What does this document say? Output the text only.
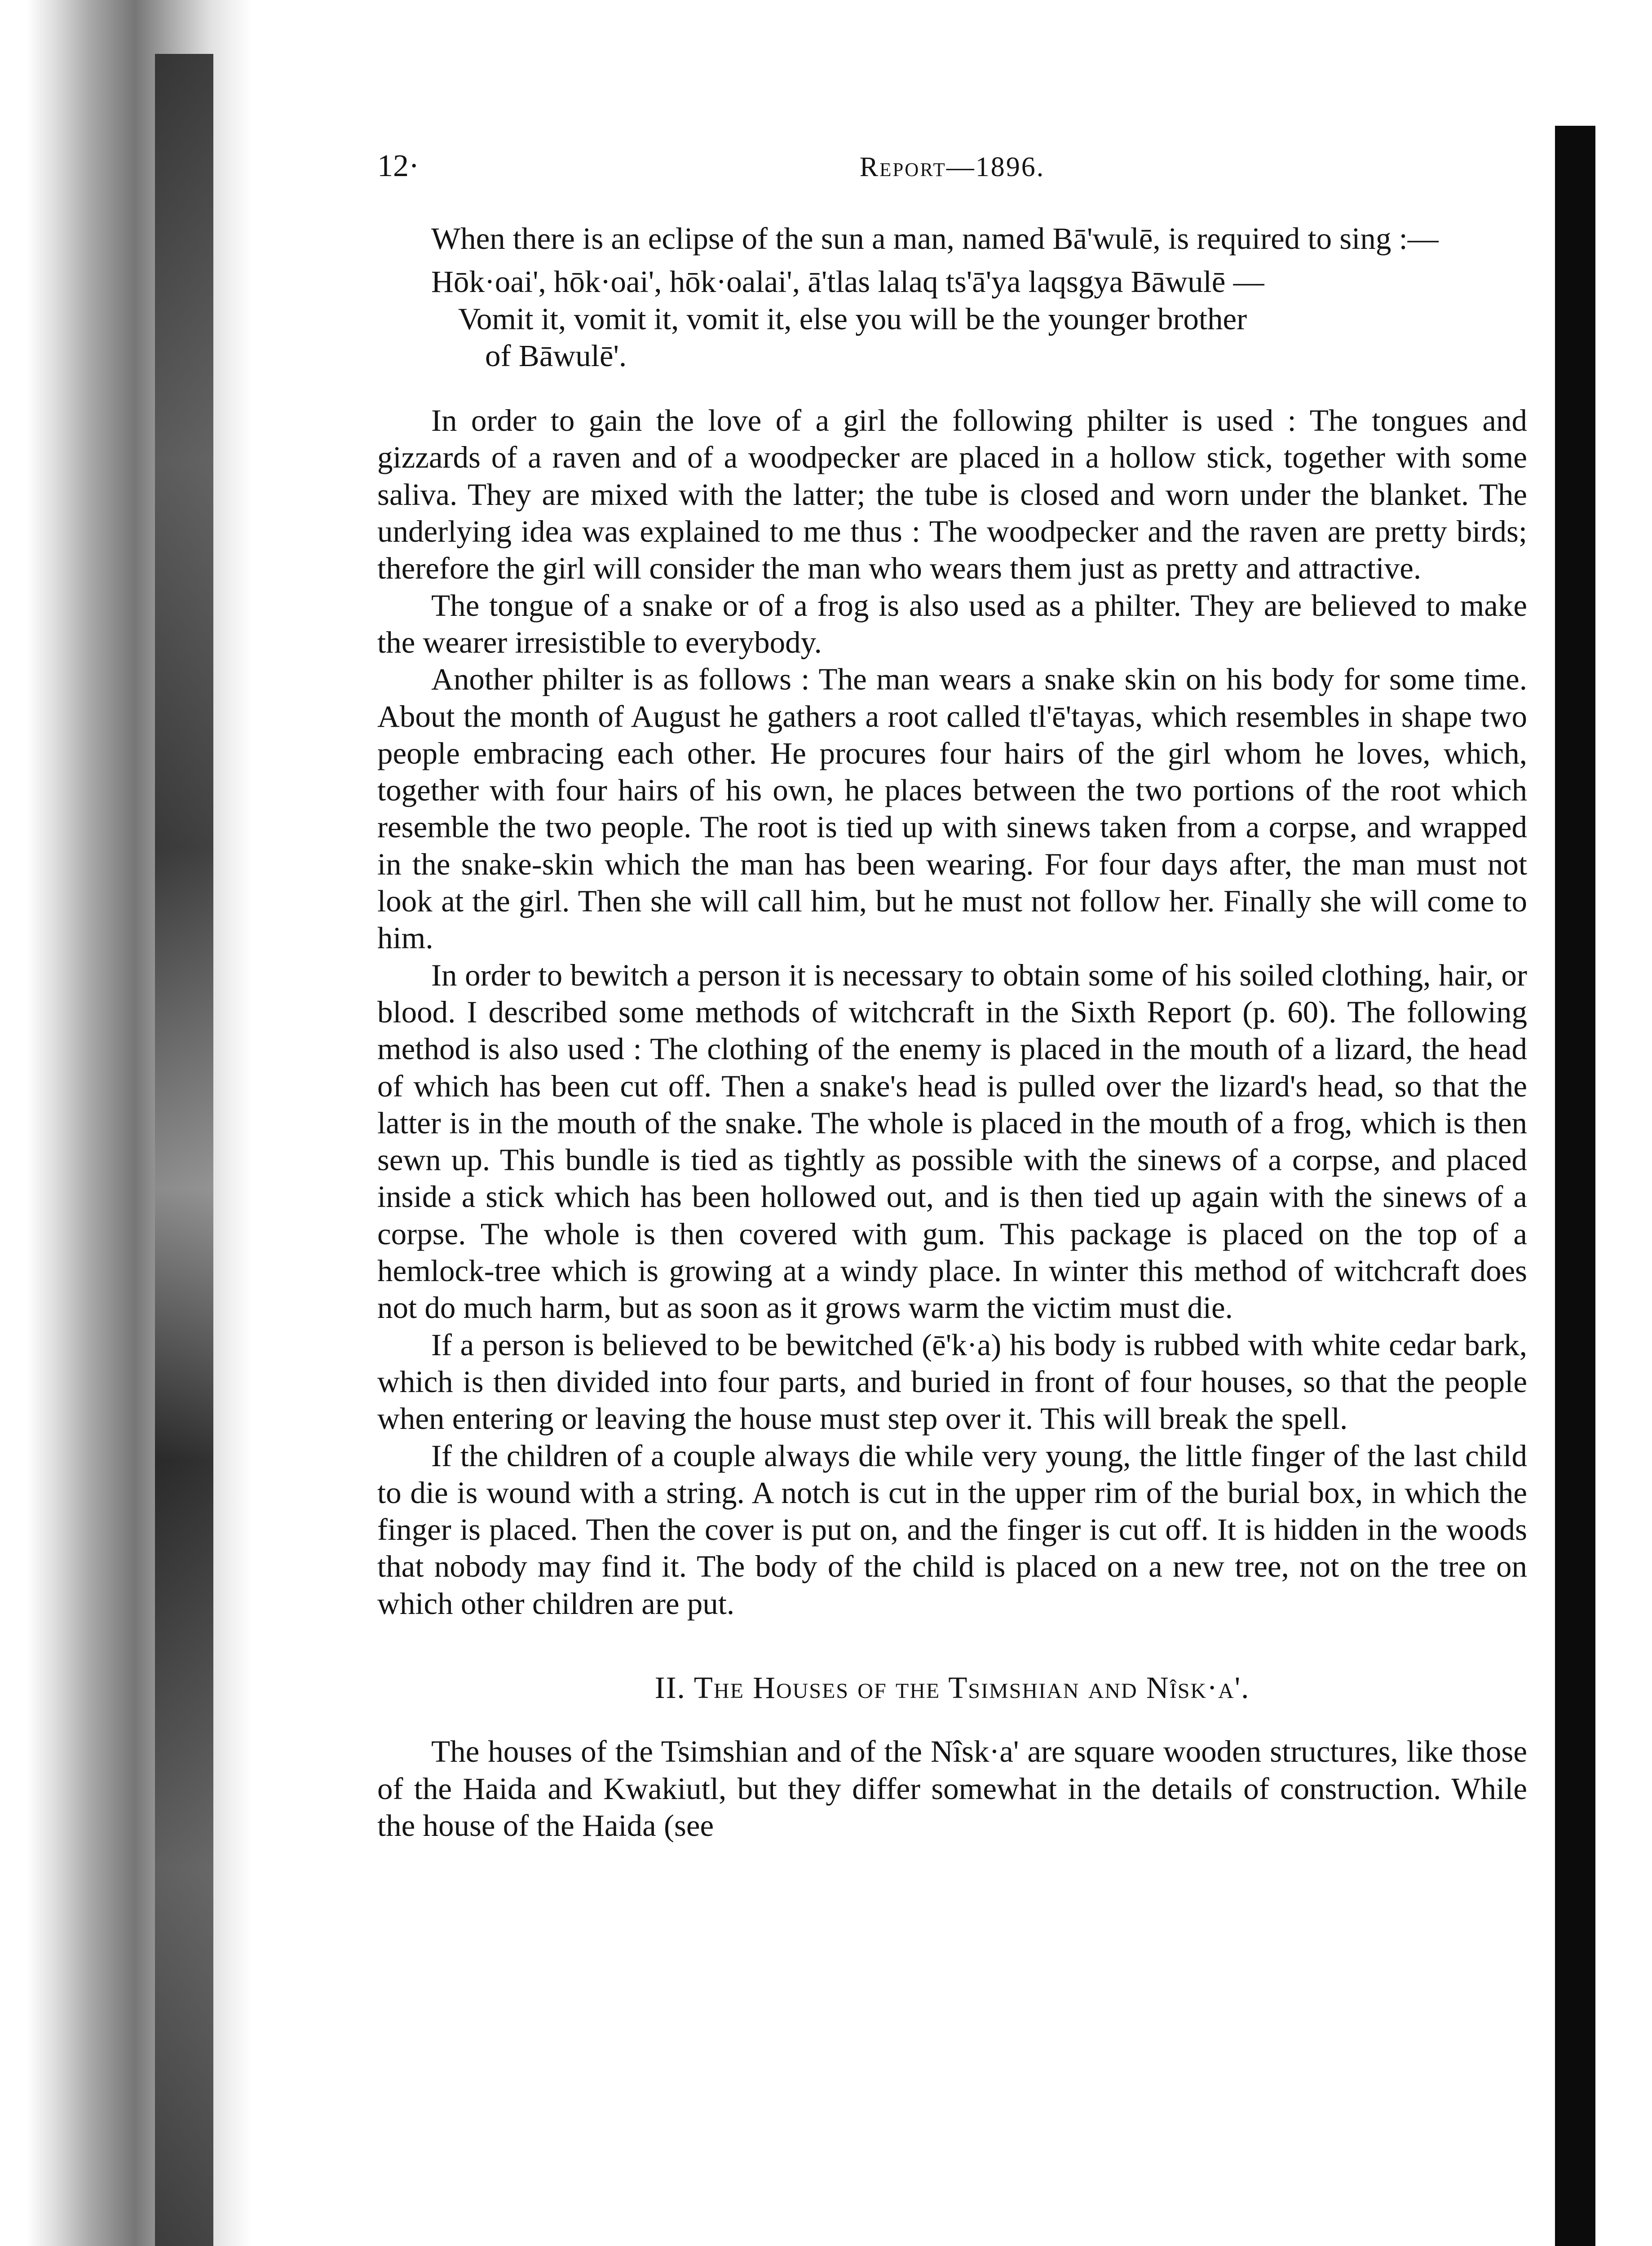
12·	Report—1896.

When there is an eclipse of the sun a man, named Bā'wulē, is required to sing :—

Hōk·oai', hōk·oai', hōk·oalai', ā'tlas lalaq ts'ā'ya laqsgya Bāwulē —
Vomit it, vomit it, vomit it, else you will be the younger brother
of Bāwulē'.

In order to gain the love of a girl the following philter is used : The tongues and gizzards of a raven and of a woodpecker are placed in a hollow stick, together with some saliva. They are mixed with the latter; the tube is closed and worn under the blanket. The underlying idea was explained to me thus : The woodpecker and the raven are pretty birds; therefore the girl will consider the man who wears them just as pretty and attractive.

The tongue of a snake or of a frog is also used as a philter. They are believed to make the wearer irresistible to everybody.

Another philter is as follows : The man wears a snake skin on his body for some time. About the month of August he gathers a root called tl'ē'tayas, which resembles in shape two people embracing each other. He procures four hairs of the girl whom he loves, which, together with four hairs of his own, he places between the two portions of the root which resemble the two people. The root is tied up with sinews taken from a corpse, and wrapped in the snake-skin which the man has been wearing. For four days after, the man must not look at the girl. Then she will call him, but he must not follow her. Finally she will come to him.

In order to bewitch a person it is necessary to obtain some of his soiled clothing, hair, or blood. I described some methods of witchcraft in the Sixth Report (p. 60). The following method is also used : The clothing of the enemy is placed in the mouth of a lizard, the head of which has been cut off. Then a snake's head is pulled over the lizard's head, so that the latter is in the mouth of the snake. The whole is placed in the mouth of a frog, which is then sewn up. This bundle is tied as tightly as possible with the sinews of a corpse, and placed inside a stick which has been hollowed out, and is then tied up again with the sinews of a corpse. The whole is then covered with gum. This package is placed on the top of a hemlock-tree which is growing at a windy place. In winter this method of witchcraft does not do much harm, but as soon as it grows warm the victim must die.

If a person is believed to be bewitched (ē'k·a) his body is rubbed with white cedar bark, which is then divided into four parts, and buried in front of four houses, so that the people when entering or leaving the house must step over it. This will break the spell.

If the children of a couple always die while very young, the little finger of the last child to die is wound with a string. A notch is cut in the upper rim of the burial box, in which the finger is placed. Then the cover is put on, and the finger is cut off. It is hidden in the woods that nobody may find it. The body of the child is placed on a new tree, not on the tree on which other children are put.

II. The Houses of the Tsimshian and Nîsk·a'.

The houses of the Tsimshian and of the Nîsk·a' are square wooden structures, like those of the Haida and Kwakiutl, but they differ somewhat in the details of construction. While the house of the Haida (see
